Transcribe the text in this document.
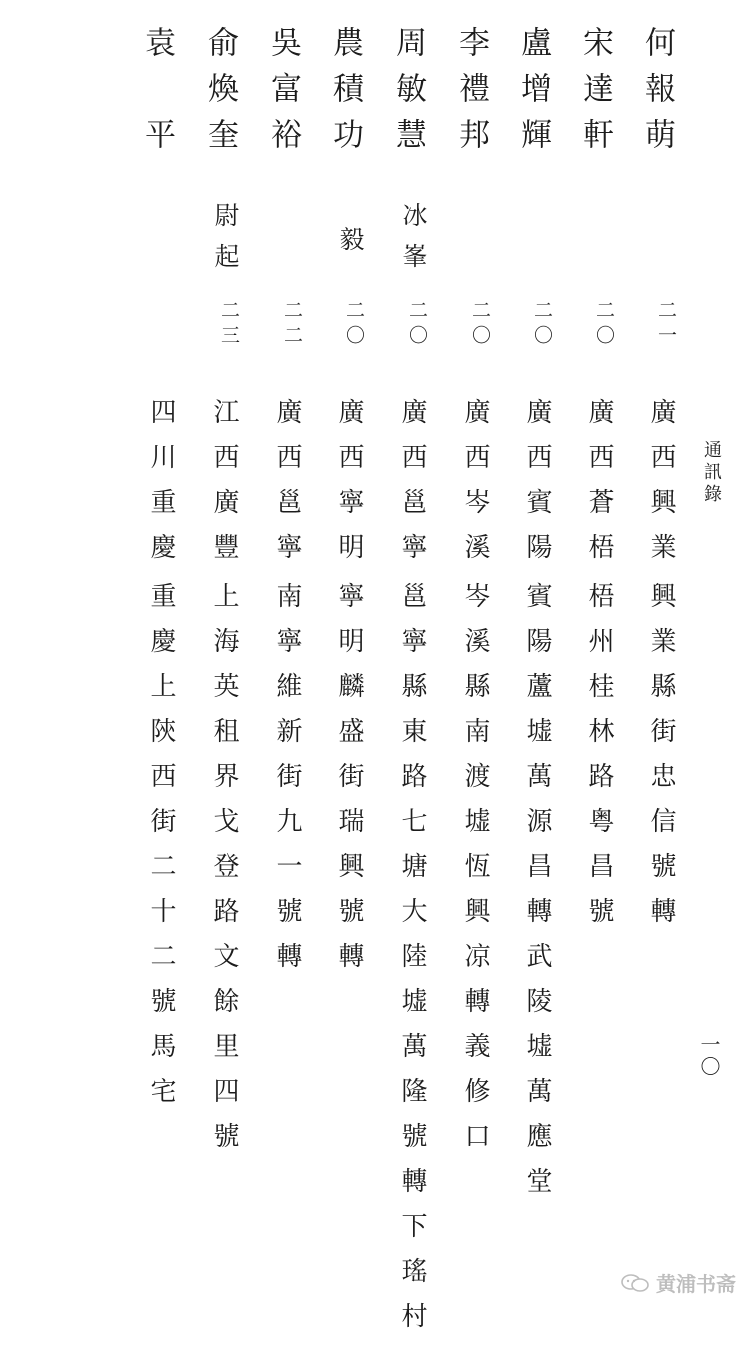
通訊錄
一〇
何報萌
二一
廣西興業
興業縣街忠信號轉
宋達軒
二〇
廣西蒼梧
梧州桂林路粤昌號
盧增輝
二〇
廣西賓陽
賓陽蘆墟萬源昌轉武陵墟萬應堂
李禮邦
二〇
廣西岑溪
岑溪縣南渡墟恆興凉轉義修口
周敏慧
冰峯
二〇
廣西邕寧
邕寧縣東路七塘大陸墟萬隆號轉下瑤村
農積功
毅
二〇
廣西寧明
寧明麟盛街瑞興號轉
吳富裕
二二
廣西邕寧
南寧維新街九一號轉
俞煥奎
尉起
二三
江西廣豐
上海英租界戈登路文餘里四號
袁　平
四川重慶
重慶上陝西街二十二號馬宅
黄浦书斋
